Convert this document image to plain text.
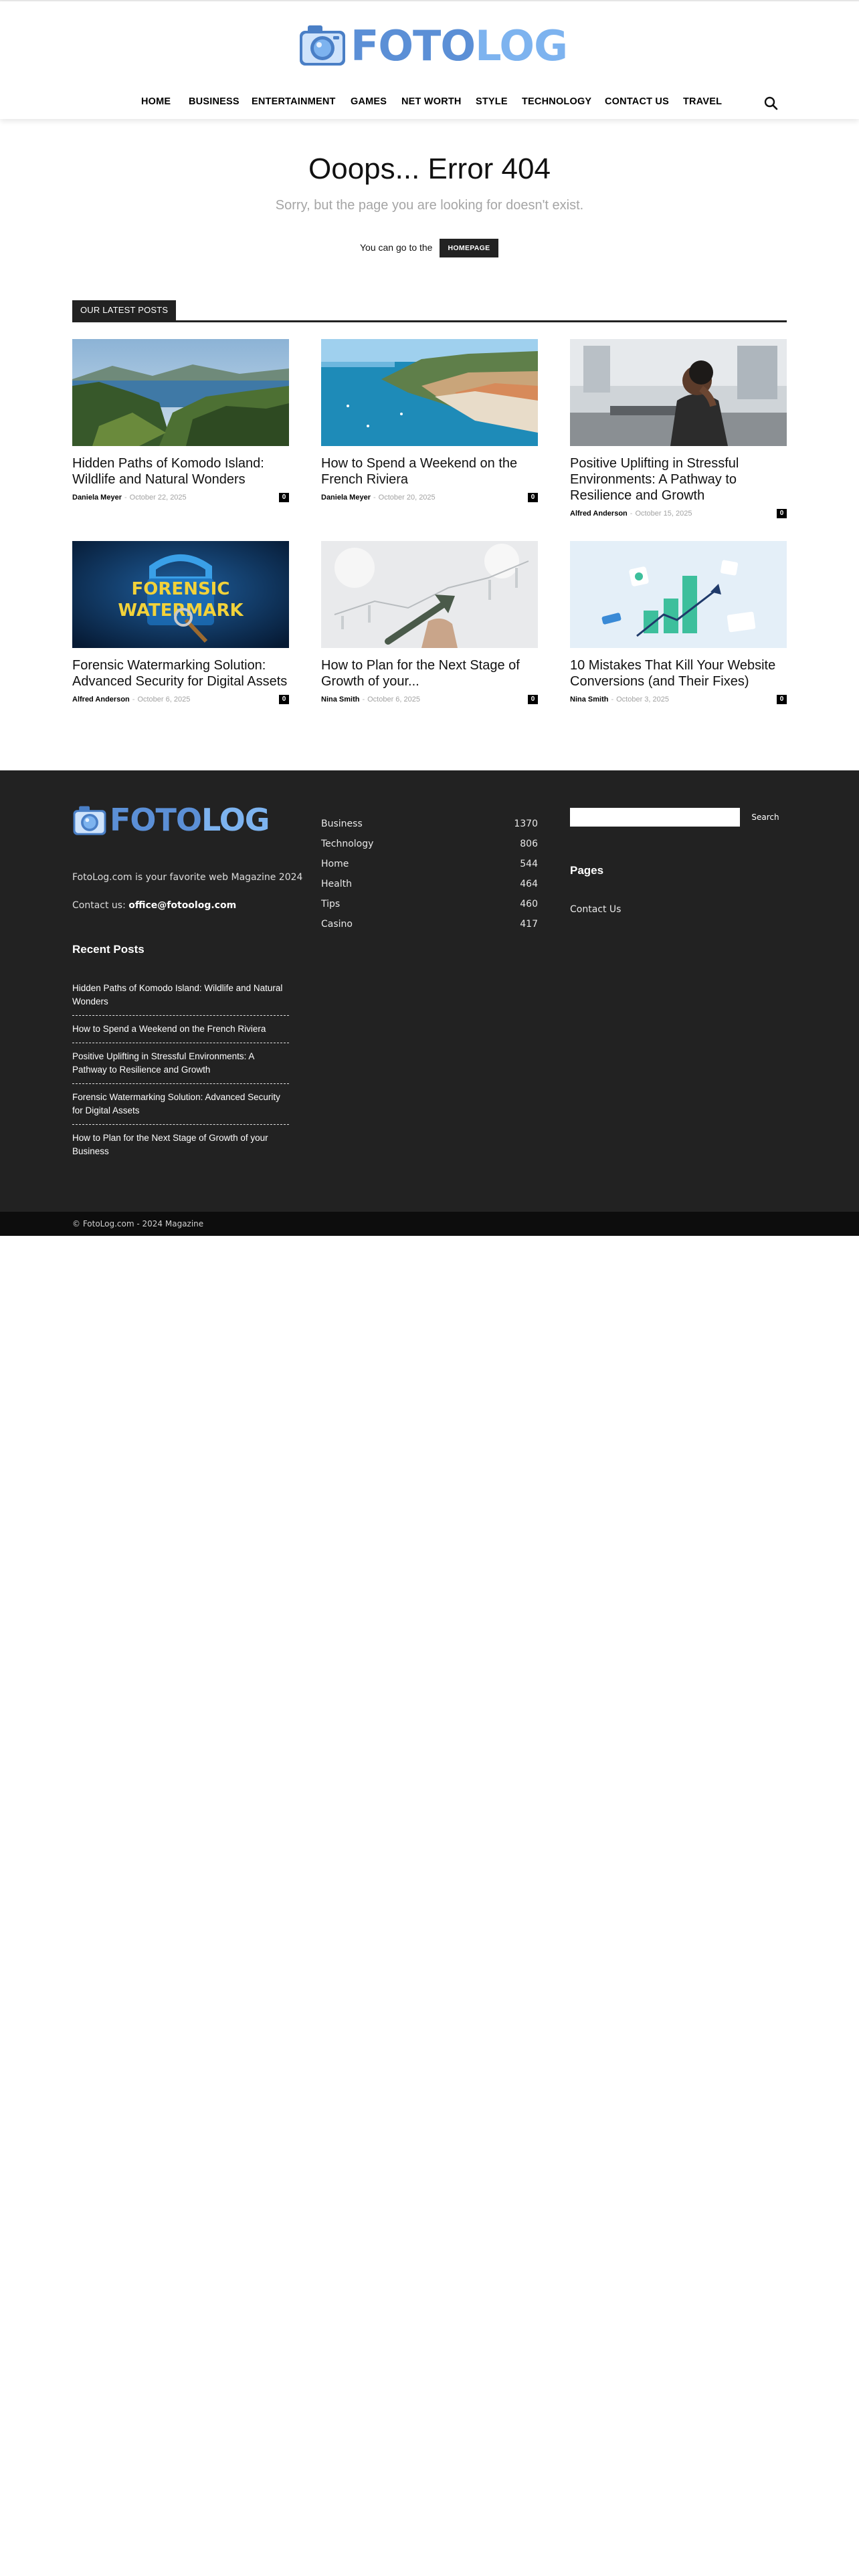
FOTOLOG
HOME BUSINESS ENTERTAINMENT GAMES NET WORTH STYLE TECHNOLOGY CONTACT US TRAVEL
Ooops... Error 404
Sorry, but the page you are looking for doesn't exist.
You can go to the	HOMEPAGE
OUR LATEST POSTS
Hidden Paths of Komodo Island: Wildlife and Natural Wonders
Daniela Meyer - October 22, 2025	0
How to Spend a Weekend on the French Riviera
Daniela Meyer - October 20, 2025	0
Positive Uplifting in Stressful Environments: A Pathway to Resilience and Growth
Alfred Anderson - October 15, 2025	0
FORENSIC
WATERMARK
Forensic Watermarking Solution: Advanced Security for Digital Assets
Alfred Anderson - October 6, 2025	0
How to Plan for the Next Stage of Growth of your...
Nina Smith - October 6, 2025	0
10 Mistakes That Kill Your Website Conversions (and Their Fixes)
Nina Smith - October 3, 2025	0
FOTOLOG
FotoLog.com is your favorite web Magazine 2024
Contact us: office@fotoolog.com
Recent Posts
Hidden Paths of Komodo Island: Wildlife and Natural Wonders
How to Spend a Weekend on the French Riviera
Positive Uplifting in Stressful Environments: A Pathway to Resilience and Growth
Forensic Watermarking Solution: Advanced Security for Digital Assets
How to Plan for the Next Stage of Growth of your Business
Pages
Business	1370
Technology	806
Home	544
Health	464
Tips	460
Casino	417
Search
Contact Us
© FotoLog.com - 2024 Magazine
